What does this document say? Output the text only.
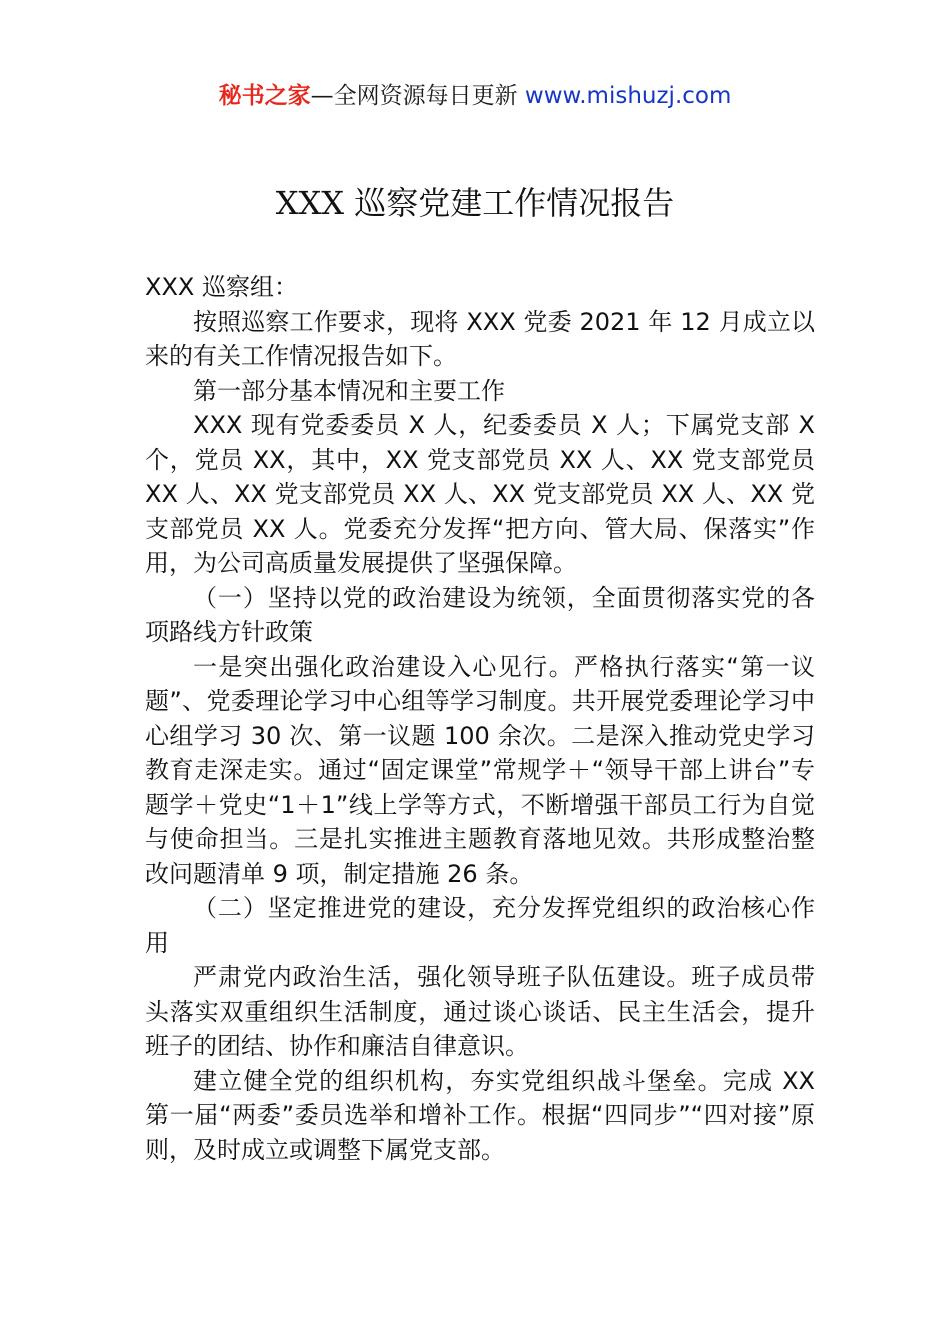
秘书之家—全网资源每日更新 www.mishuzj.com
XXX 巡察党建工作情况报告

XXX 巡察组：

按照巡察工作要求，现将 XXX 党委 2021 年 12 月成立以来的有关工作情况报告如下。

第一部分基本情况和主要工作

XXX 现有党委委员 X 人，纪委委员 X 人；下属党支部 X 个，党员 XX，其中，XX 党支部党员 XX 人、XX 党支部党员 XX 人、XX 党支部党员 XX 人、XX 党支部党员 XX 人、XX 党支部党员 XX 人。党委充分发挥“把方向、管大局、保落实”作用，为公司高质量发展提供了坚强保障。

（一）坚持以党的政治建设为统领，全面贯彻落实党的各项路线方针政策

一是突出强化政治建设入心见行。严格执行落实“第一议题”、党委理论学习中心组等学习制度。共开展党委理论学习中心组学习 30 次、第一议题 100 余次。二是深入推动党史学习教育走深走实。通过“固定课堂”常规学＋“领导干部上讲台”专题学＋党史“1＋1”线上学等方式，不断增强干部员工行为自觉与使命担当。三是扎实推进主题教育落地见效。共形成整治整改问题清单 9 项，制定措施 26 条。

（二）坚定推进党的建设，充分发挥党组织的政治核心作用

严肃党内政治生活，强化领导班子队伍建设。班子成员带头落实双重组织生活制度，通过谈心谈话、民主生活会，提升班子的团结、协作和廉洁自律意识。

建立健全党的组织机构，夯实党组织战斗堡垒。完成 XX 第一届“两委”委员选举和增补工作。根据“四同步”“四对接”原则，及时成立或调整下属党支部。
